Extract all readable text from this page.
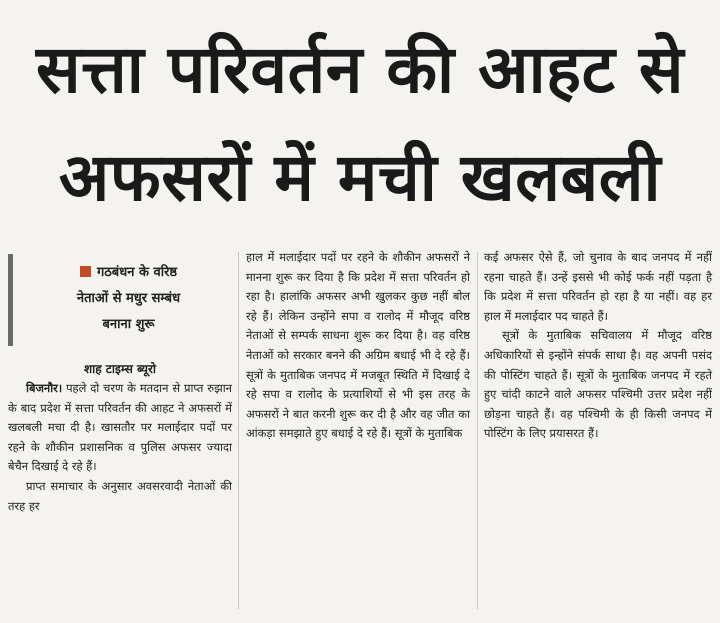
सत्ता परिवर्तन की आहट से
अफसरों में मची खलबली
गठबंधन के वरिष्ठ
नेताओं से मधुर सम्बंध
बनाना शुरू

शाह टाइम्स ब्यूरो

बिजनौर। पहले दो चरण के मतदान से प्राप्त रुझान के बाद प्रदेश में सत्ता परिवर्तन की आहट ने अफसरों में खलबली मचा दी है। खासतौर पर मलाईदार पदों पर रहने के शौकीन प्रशासनिक व पुलिस अफसर ज्यादा बेचैन दिखाई दे रहे हैं।

प्राप्त समाचार के अनुसार अवसरवादी नेताओं की तरह हर

हाल में मलाईदार पदों पर रहने के शौकीन अफसरों ने मानना शुरू कर दिया है कि प्रदेश में सत्ता परिवर्तन हो रहा है। हालांकि अफसर अभी खुलकर कुछ नहीं बोल रहे हैं। लेकिन उन्होंने सपा व रालोद में मौजूद वरिष्ठ नेताओं से सम्पर्क साधना शुरू कर दिया है। वह वरिष्ठ नेताओं को सरकार बनने की अग्रिम बधाई भी दे रहे हैं। सूत्रों के मुताबिक जनपद में मजबूत स्थिति में दिखाई दे रहे सपा व रालोद के प्रत्याशियों से भी इस तरह के अफसरों ने बात करनी शुरू कर दी है और वह जीत का आंकड़ा समझाते हुए बधाई दे रहे हैं। सूत्रों के मुताबिक

कई अफसर ऐसे हैं, जो चुनाव के बाद जनपद में नहीं रहना चाहते हैं। उन्हें इससे भी कोई फर्क नहीं पड़ता है कि प्रदेश में सत्ता परिवर्तन हो रहा है या नहीं। वह हर हाल में मलाईदार पद चाहते हैं।

सूत्रों के मुताबिक सचिवालय में मौजूद वरिष्ठ अधिकारियों से इन्होंने संपर्क साधा है। वह अपनी पसंद की पोस्टिंग चाहते हैं। सूत्रों के मुताबिक जनपद में रहते हुए चांदी काटने वाले अफसर पश्चिमी उत्तर प्रदेश नहीं छोड़ना चाहते हैं। वह पश्चिमी के ही किसी जनपद में पोस्टिंग के लिए प्रयासरत हैं।
